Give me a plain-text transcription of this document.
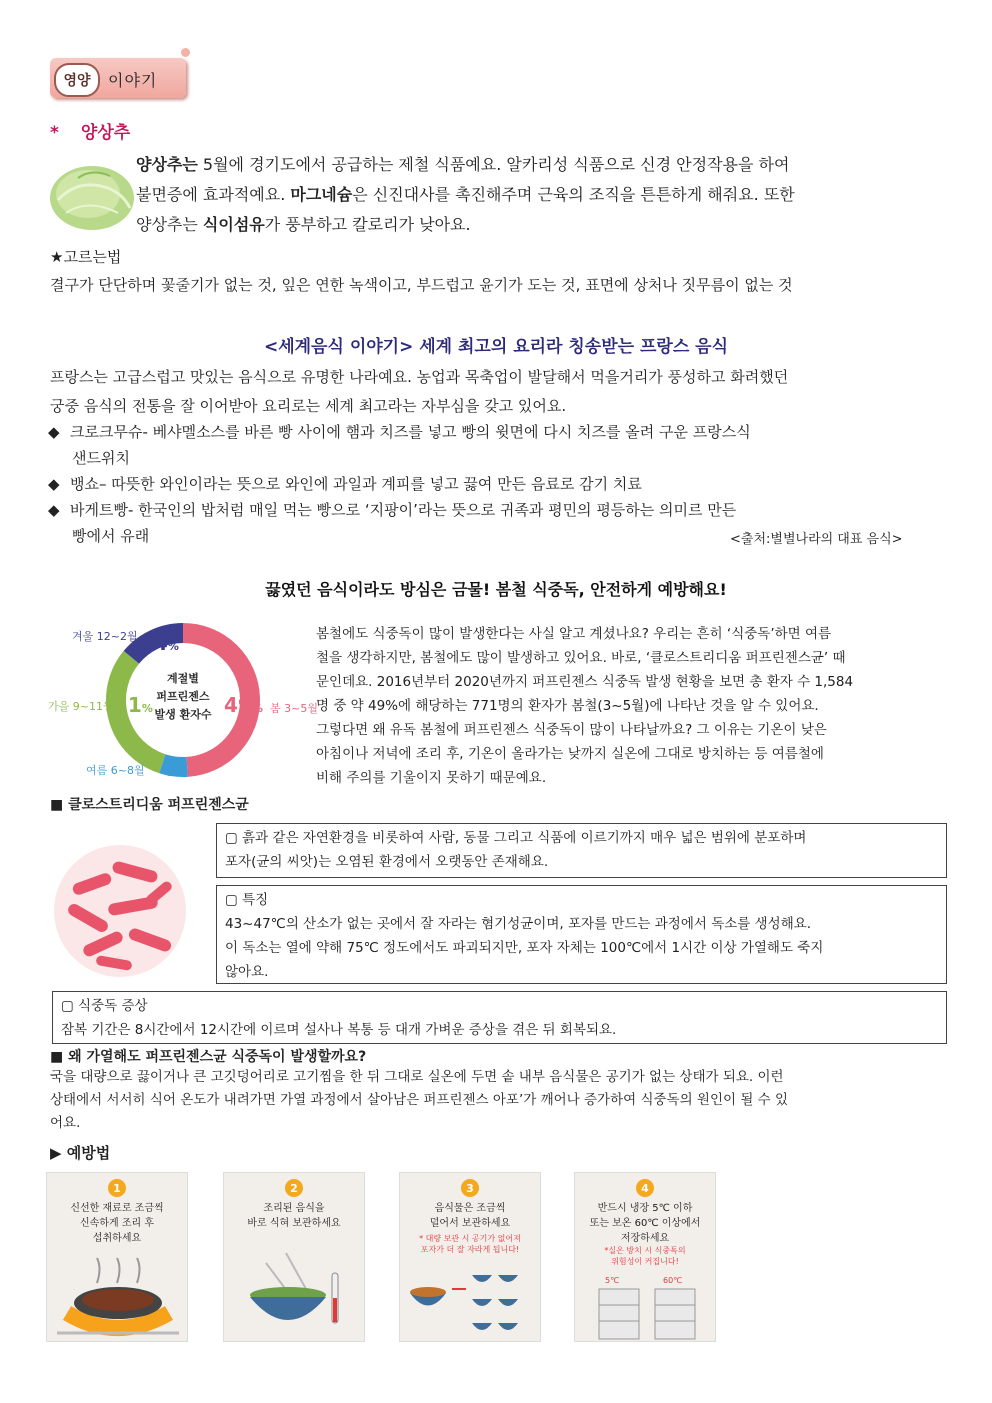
영양	이야기
* 양상추
양상추는 5월에 경기도에서 공급하는 제철 식품예요. 알카리성 식품으로 신경 안정작용을 하여
불면증에 효과적예요. 마그네슘은 신진대사를 촉진해주며 근육의 조직을 튼튼하게 해줘요. 또한
양상추는 식이섬유가 풍부하고 칼로리가 낮아요.
★고르는법
결구가 단단하며 꽃줄기가 없는 것, 잎은 연한 녹색이고, 부드럽고 윤기가 도는 것, 표면에 상처나 짓무름이 없는 것
<세계음식 이야기> 세계 최고의 요리라 칭송받는 프랑스 음식
프랑스는 고급스럽고 맛있는 음식으로 유명한 나라예요. 농업과 목축업이 발달해서 먹을거리가 풍성하고 화려했던
궁중 음식의 전통을 잘 이어받아 요리로는 세계 최고라는 자부심을 갖고 있어요.
◆ 크로크무슈- 베샤멜소스를 바른 빵 사이에 햄과 치즈를 넣고 빵의 윗면에 다시 치즈를 올려 구운 프랑스식
샌드위치
◆ 뱅쇼– 따뜻한 와인이라는 뜻으로 와인에 과일과 계피를 넣고 끓여 만든 음료로 감기 치료
◆ 바게트빵- 한국인의 밥처럼 매일 먹는 빵으로 ‘지팡이’라는 뜻으로 귀족과 평민의 평등하는 의미르 만든
빵에서 유래	<출처:별별나라의 대표 음식>
끓였던 음식이라도 방심은 금물! 봄철 식중독, 안전하게 예방해요!
계절별
퍼프린젠스
발생 환자수 49% 봄 3~5월
6%
여름 6~8월
31%
가을 9~11월
14%
겨울 12~2월	봄철에도 식중독이 많이 발생한다는 사실 알고 계셨나요? 우리는 흔히 ‘식중독’하면 여름
철을 생각하지만, 봄철에도 많이 발생하고 있어요. 바로, ‘클로스트리디움 퍼프린젠스균’ 때
문인데요. 2016년부터 2020년까지 퍼프린젠스 식중독 발생 현황을 보면 총 환자 수 1,584
명 중 약 49%에 해당하는 771명의 환자가 봄철(3~5월)에 나타난 것을 알 수 있어요.
그렇다면 왜 유독 봄철에 퍼프린젠스 식중독이 많이 나타날까요? 그 이유는 기온이 낮은
아침이나 저녁에 조리 후, 기온이 올라가는 낮까지 실온에 그대로 방치하는 등 여름철에
비해 주의를 기울이지 못하기 때문예요.
■ 클로스트리디움 퍼프린젠스균
▢ 흙과 같은 자연환경을 비롯하여 사람, 동물 그리고 식품에 이르기까지 매우 넓은 범위에 분포하며
포자(균의 씨앗)는 오염된 환경에서 오랫동안 존재해요.
▢ 특징
43~47℃의 산소가 없는 곳에서 잘 자라는 혐기성균이며, 포자를 만드는 과정에서 독소를 생성해요.
이 독소는 열에 약해 75℃ 정도에서도 파괴되지만, 포자 자체는 100℃에서 1시간 이상 가열해도 죽지
않아요.
▢ 식중독 증상
잠복 기간은 8시간에서 12시간에 이르며 설사나 복통 등 대개 가벼운 증상을 겪은 뒤 회복되요.
■ 왜 가열해도 퍼프린젠스균 식중독이 발생할까요?
국을 대량으로 끓이거나 큰 고깃덩어리로 고기찜을 한 뒤 그대로 실온에 두면 솥 내부 음식물은 공기가 없는 상태가 되요. 이런
상태에서 서서히 식어 온도가 내려가면 가열 과정에서 살아남은 퍼프린젠스 아포’가 깨어나 증가하여 식중독의 원인이 될 수 있
어요.
▶ 예방법
1
신선한 재료로 조금씩
신속하게 조리 후
섭취하세요
2
조리된 음식을
바로 식혀 보관하세요
3
음식물은 조금씩
덜어서 보관하세요
* 대량 보관 시 공기가 없어져
포자가 더 잘 자라게 됩니다!
4
반드시 냉장 5℃ 이하
또는 보온 60℃ 이상에서
저장하세요
*실온 방치 시 식중독의
위험성이 커집니다!
5℃	60℃
